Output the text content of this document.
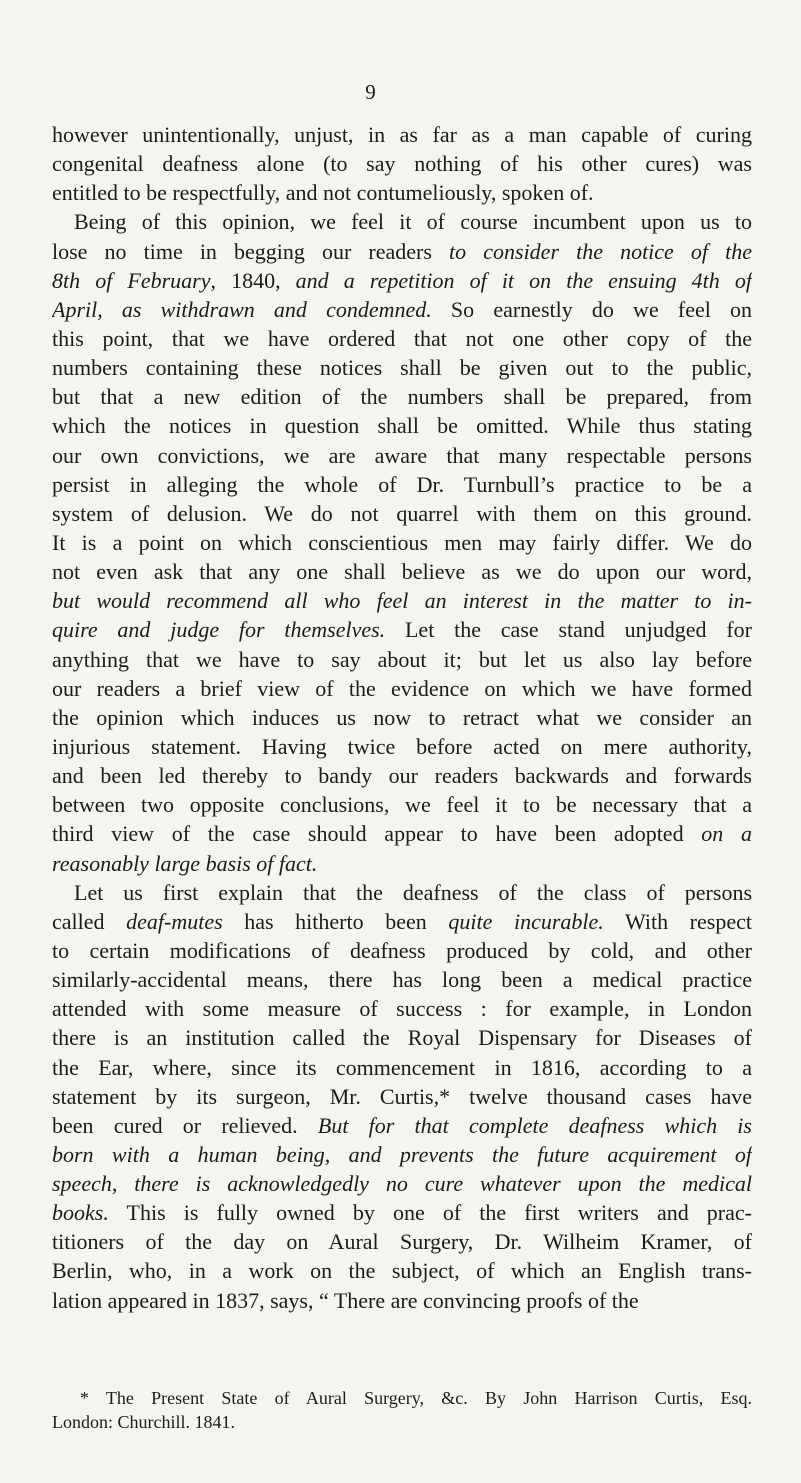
9
however unintentionally, unjust, in as far as a man capable of curing
congenital deafness alone (to say nothing of his other cures) was
entitled to be respectfully, and not contumeliously, spoken of.
Being of this opinion, we feel it of course incumbent upon us to
lose no time in begging our readers to consider the notice of the
8th of February, 1840, and a repetition of it on the ensuing 4th of
April, as withdrawn and condemned. So earnestly do we feel on
this point, that we have ordered that not one other copy of the
numbers containing these notices shall be given out to the public,
but that a new edition of the numbers shall be prepared, from
which the notices in question shall be omitted. While thus stating
our own convictions, we are aware that many respectable persons
persist in alleging the whole of Dr. Turnbull’s practice to be a
system of delusion. We do not quarrel with them on this ground.
It is a point on which conscientious men may fairly differ. We do
not even ask that any one shall believe as we do upon our word,
but would recommend all who feel an interest in the matter to in-
quire and judge for themselves. Let the case stand unjudged for
anything that we have to say about it; but let us also lay before
our readers a brief view of the evidence on which we have formed
the opinion which induces us now to retract what we consider an
injurious statement. Having twice before acted on mere authority,
and been led thereby to bandy our readers backwards and forwards
between two opposite conclusions, we feel it to be necessary that a
third view of the case should appear to have been adopted on a
reasonably large basis of fact.
Let us first explain that the deafness of the class of persons
called deaf-mutes has hitherto been quite incurable. With respect
to certain modifications of deafness produced by cold, and other
similarly-accidental means, there has long been a medical practice
attended with some measure of success : for example, in London
there is an institution called the Royal Dispensary for Diseases of
the Ear, where, since its commencement in 1816, according to a
statement by its surgeon, Mr. Curtis,* twelve thousand cases have
been cured or relieved. But for that complete deafness which is
born with a human being, and prevents the future acquirement of
speech, there is acknowledgedly no cure whatever upon the medical
books. This is fully owned by one of the first writers and prac-
titioners of the day on Aural Surgery, Dr. Wilheim Kramer, of
Berlin, who, in a work on the subject, of which an English trans-
lation appeared in 1837, says, “ There are convincing proofs of the
* The Present State of Aural Surgery, &c. By John Harrison Curtis, Esq.
London: Churchill. 1841.
